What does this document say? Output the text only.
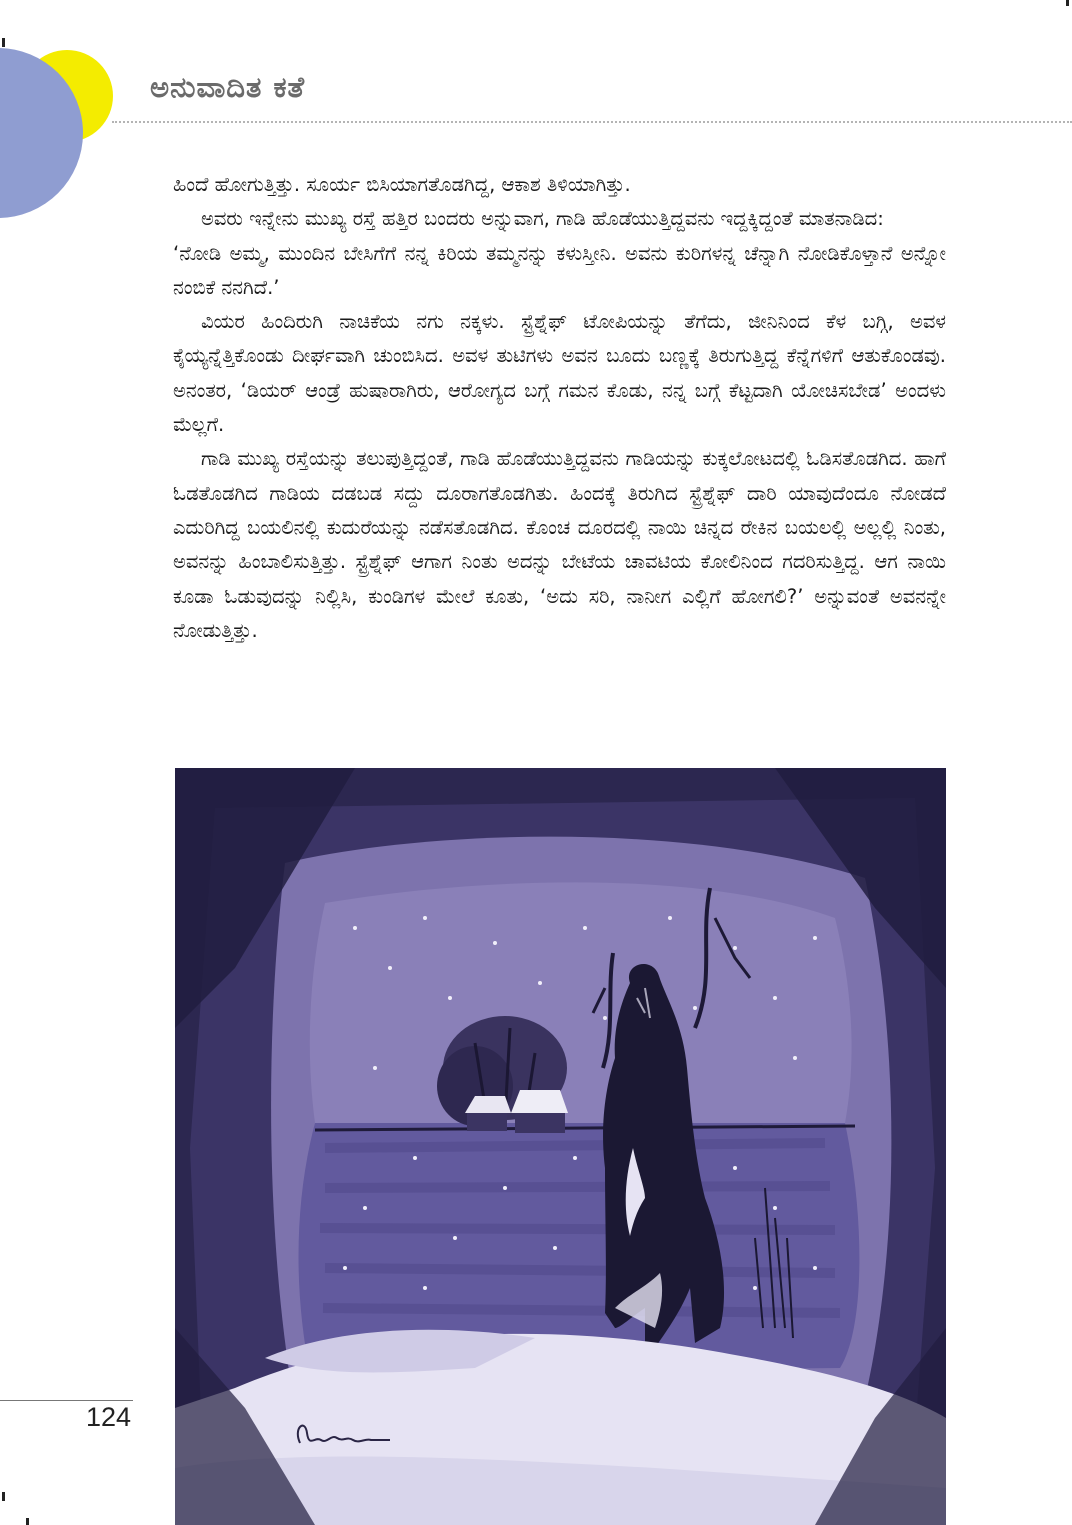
ಅನುವಾದಿತ ಕತೆ

ಹಿಂದೆ ಹೋಗುತ್ತಿತ್ತು. ಸೂರ್ಯ ಬಿಸಿಯಾಗತೊಡಗಿದ್ದ, ಆಕಾಶ ತಿಳಿಯಾಗಿತ್ತು.

ಅವರು ಇನ್ನೇನು ಮುಖ್ಯ ರಸ್ತೆ ಹತ್ತಿರ ಬಂದರು ಅನ್ನುವಾಗ, ಗಾಡಿ ಹೊಡೆಯುತ್ತಿದ್ದವನು ಇದ್ದಕ್ಕಿದ್ದಂತೆ ಮಾತನಾಡಿದ:

‘ನೋಡಿ ಅಮ್ಮ, ಮುಂದಿನ ಬೇಸಿಗೆಗೆ ನನ್ನ ಕಿರಿಯ ತಮ್ಮನನ್ನು ಕಳುಸ್ತೀನಿ. ಅವನು ಕುರಿಗಳನ್ನ ಚೆನ್ನಾಗಿ ನೋಡಿಕೊಳ್ತಾನೆ ಅನ್ನೋ ನಂಬಿಕೆ ನನಗಿದೆ.’

ವಿಯರ ಹಿಂದಿರುಗಿ ನಾಚಿಕೆಯ ನಗು ನಕ್ಕಳು. ಸ್ಟ್ರೆಶ್ನೆಫ್ ಟೋಪಿಯನ್ನು ತೆಗೆದು, ಜೀನಿನಿಂದ ಕೆಳ ಬಗ್ಗಿ, ಅವಳ ಕೈಯ್ಯನ್ನೆತ್ತಿಕೊಂಡು ದೀರ್ಘವಾಗಿ ಚುಂಬಿಸಿದ. ಅವಳ ತುಟಿಗಳು ಅವನ ಬೂದು ಬಣ್ಣಕ್ಕೆ ತಿರುಗುತ್ತಿದ್ದ ಕೆನ್ನೆಗಳಿಗೆ ಆತುಕೊಂಡವು. ಅನಂತರ, ‘ಡಿಯರ್ ಆಂಡ್ರೆ ಹುಷಾರಾಗಿರು, ಆರೋಗ್ಯದ ಬಗ್ಗೆ ಗಮನ ಕೊಡು, ನನ್ನ ಬಗ್ಗೆ ಕೆಟ್ಟದಾಗಿ ಯೋಚಿಸಬೇಡ’ ಅಂದಳು ಮೆಲ್ಲಗೆ.

ಗಾಡಿ ಮುಖ್ಯ ರಸ್ತೆಯನ್ನು ತಲುಪುತ್ತಿದ್ದಂತೆ, ಗಾಡಿ ಹೊಡೆಯುತ್ತಿದ್ದವನು ಗಾಡಿಯನ್ನು ಕುಕ್ಕಲೋಟದಲ್ಲಿ ಓಡಿಸತೊಡಗಿದ. ಹಾಗೆ ಓಡತೊಡಗಿದ ಗಾಡಿಯ ದಡಬಡ ಸದ್ದು ದೂರಾಗತೊಡಗಿತು. ಹಿಂದಕ್ಕೆ ತಿರುಗಿದ ಸ್ಟ್ರೆಶ್ನೆಫ್ ದಾರಿ ಯಾವುದೆಂದೂ ನೋಡದೆ ಎದುರಿಗಿದ್ದ ಬಯಲಿನಲ್ಲಿ ಕುದುರೆಯನ್ನು ನಡೆಸತೊಡಗಿದ. ಕೊಂಚ ದೂರದಲ್ಲಿ ನಾಯಿ ಚಿನ್ನದ ರೇಕಿನ ಬಯಲಲ್ಲಿ ಅಲ್ಲಲ್ಲಿ ನಿಂತು, ಅವನನ್ನು ಹಿಂಬಾಲಿಸುತ್ತಿತ್ತು. ಸ್ಟ್ರೆಶ್ನೆಫ್ ಆಗಾಗ ನಿಂತು ಅದನ್ನು ಬೇಟೆಯ ಚಾವಟಿಯ ಕೋಲಿನಿಂದ ಗದರಿಸುತ್ತಿದ್ದ. ಆಗ ನಾಯಿ ಕೂಡಾ ಓಡುವುದನ್ನು ನಿಲ್ಲಿಸಿ, ಕುಂಡಿಗಳ ಮೇಲೆ ಕೂತು, ‘ಅದು ಸರಿ, ನಾನೀಗ ಎಲ್ಲಿಗೆ ಹೋಗಲಿ?’ ಅನ್ನುವಂತೆ ಅವನನ್ನೇ ನೋಡುತ್ತಿತ್ತು.

124
